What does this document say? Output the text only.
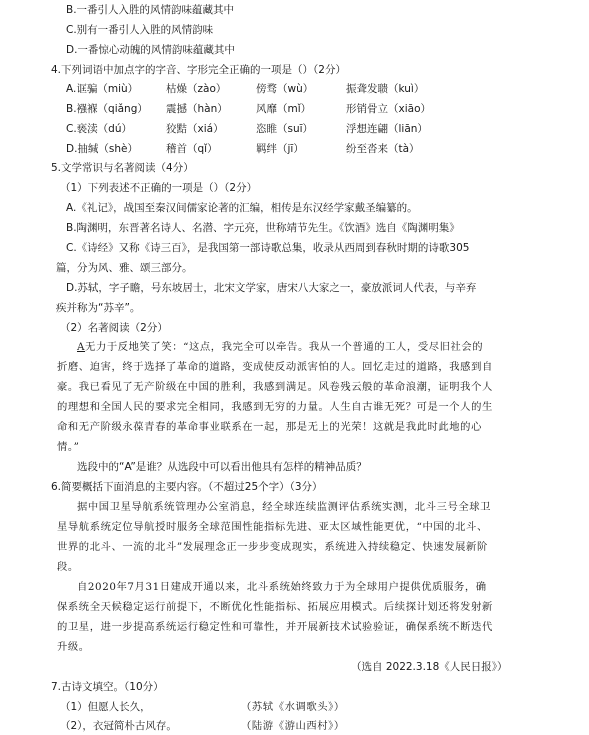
B.一番引人入胜的风情韵味蕴藏其中
C.别有一番引人入胜的风情韵味
D.一番惊心动魄的风情韵味蕴藏其中
4.下列词语中加点字的字音、字形完全正确的一项是（）（2分）
A.诓骗（miù）	枯燥（zào）	傍骛（wù）	振聋发聩（kuì）
B.襁褓（qiǎng） 震撼（hàn）	风靡（mǐ）	形销骨立（xiāo）
C.亵渎（dú）	狡黠（xiá）	恣睢（suī）	浮想连翩（liān）
D.抽缄（shè）	稽首（qǐ）	羁绊（jī）	纷至沓来（tà）
5.文学常识与名著阅读（4分）
（1）下列表述不正确的一项是（）（2分）
A.《礼记》，战国至秦汉间儒家论著的汇编，相传是东汉经学家戴圣编纂的。
B.陶渊明，东晋著名诗人、名潜、字元亮，世称靖节先生。《饮酒》选自《陶渊明集》
C.《诗经》又称《诗三百》，是我国第一部诗歌总集，收录从西周到春秋时期的诗歌305
篇，分为风、雅、颂三部分。
D.苏轼，字子瞻，号东坡居士，北宋文学家，唐宋八大家之一，豪放派词人代表，与辛弃
疾并称为“苏辛”。
（2）名著阅读（2分）
A无力于反地笑了笑：“这点，我完全可以牵告。我从一个普通的工人，受尽旧社会的
折磨、迫害，终于选择了革命的道路，变成使反动派害怕的人。回忆走过的道路，我感到自
豪。我已看见了无产阶级在中国的胜利，我感到满足。风卷残云般的革命浪潮，证明我个人
的理想和全国人民的要求完全相同，我感到无穷的力量。人生自古谁无死？可是一个人的生
命和无产阶级永葆青春的革命事业联系在一起，那是无上的光荣！这就是我此时此地的心
情。”
选段中的“A”是谁？从选段中可以看出他具有怎样的精神品质？
6.简要概括下面消息的主要内容。（不超过25个字）（3分）
据中国卫星导航系统管理办公室消息，经全球连续监测评估系统实测，北斗三号全球卫
星导航系统定位导航授时服务全球范围性能指标先进、亚太区域性能更优，“中国的北斗、
世界的北斗、一流的北斗”发展理念正一步步变成现实，系统进入持续稳定、快速发展新阶
段。
自2020年7月31日建成开通以来，北斗系统始终致力于为全球用户提供优质服务，确
保系统全天候稳定运行前提下，不断优化性能指标、拓展应用模式。后续探计划还将发射新
的卫星，进一步提高系统运行稳定性和可靠性，并开展新技术试验验证，确保系统不断迭代
升级。
（选自 2022.3.18《人民日报》）
7.古诗文填空。（10分）
（1）但愿人长久，	（苏轼《水调歌头》）
（2），衣冠简朴古风存。	（陆游《游山西村》）
